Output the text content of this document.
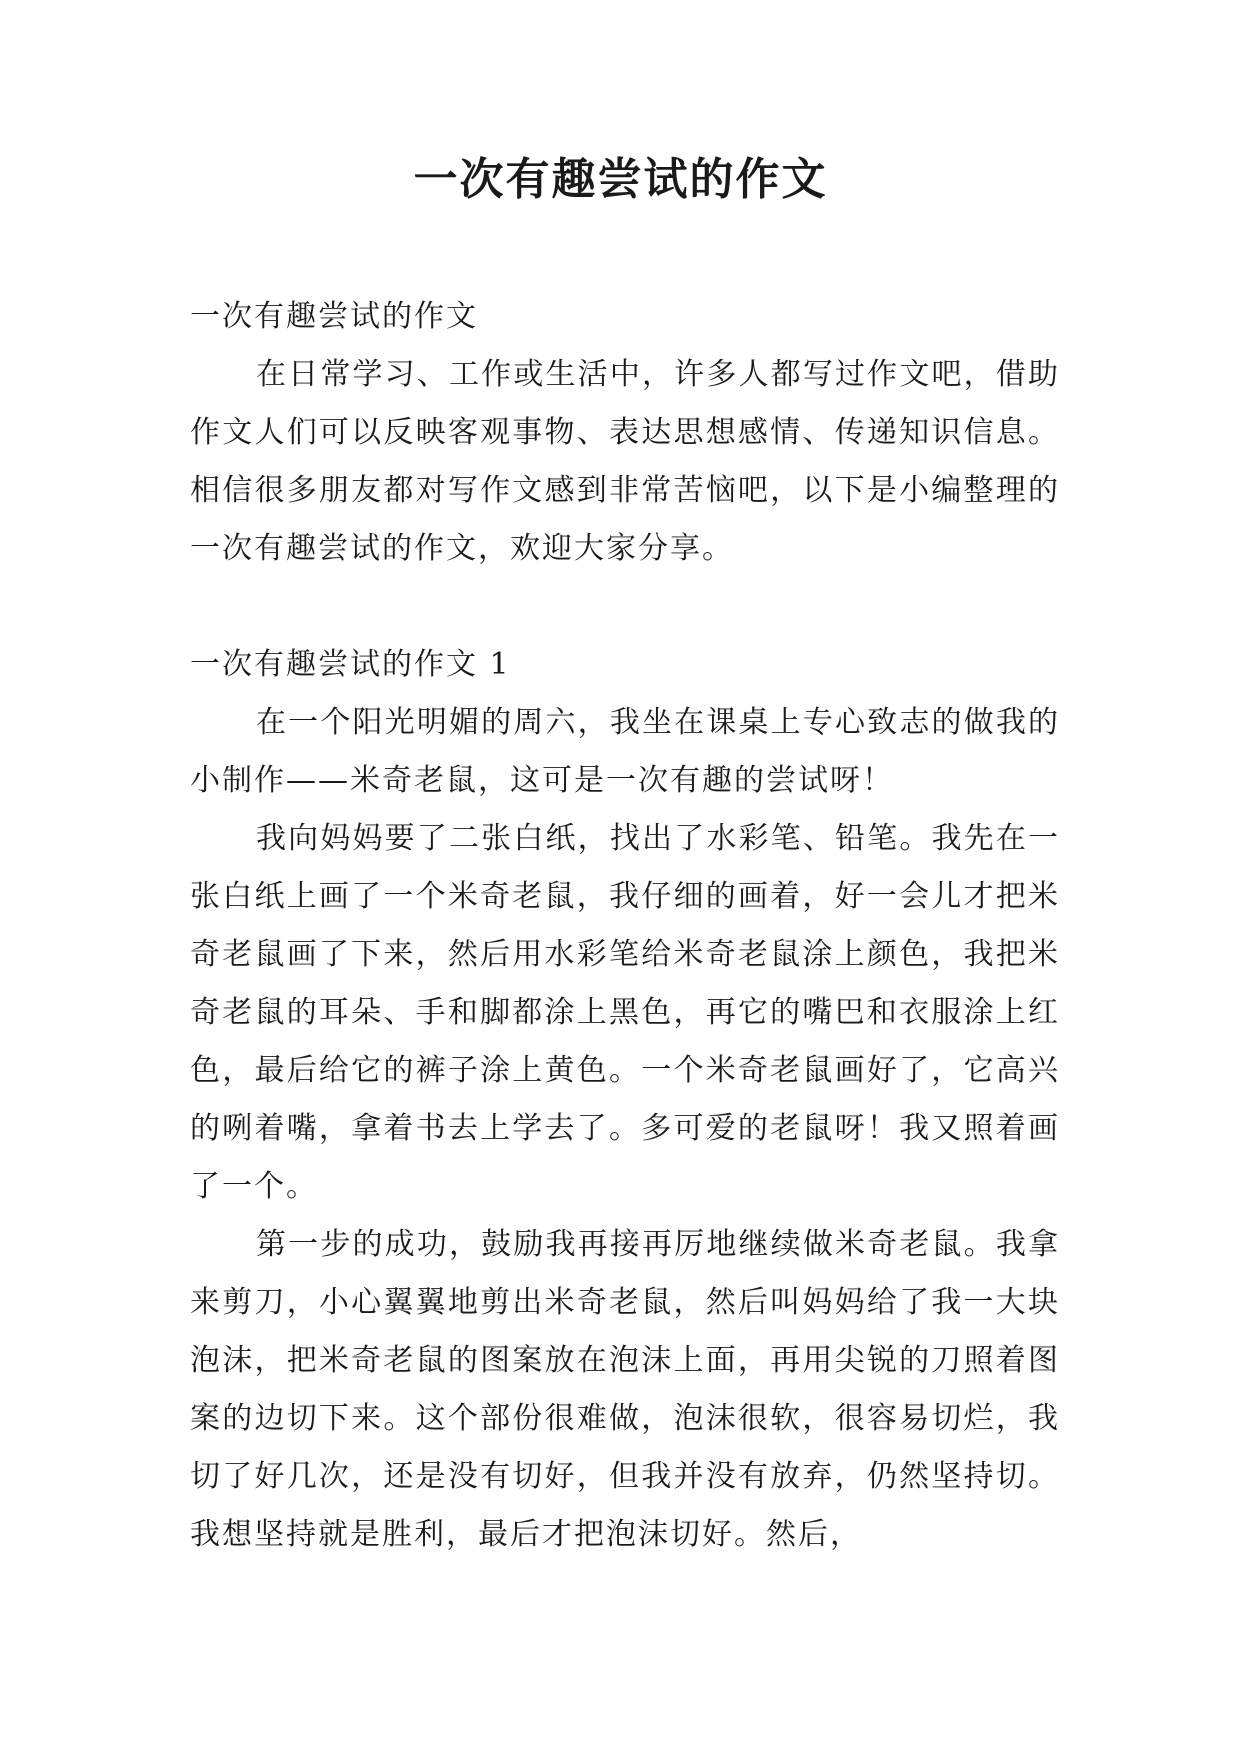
一次有趣尝试的作文

一次有趣尝试的作文

在日常学习、工作或生活中，许多人都写过作文吧，借助作文人们可以反映客观事物、表达思想感情、传递知识信息。相信很多朋友都对写作文感到非常苦恼吧，以下是小编整理的一次有趣尝试的作文，欢迎大家分享。

一次有趣尝试的作文 1

在一个阳光明媚的周六，我坐在课桌上专心致志的做我的小制作——米奇老鼠，这可是一次有趣的尝试呀！

我向妈妈要了二张白纸，找出了水彩笔、铅笔。我先在一张白纸上画了一个米奇老鼠，我仔细的画着，好一会儿才把米奇老鼠画了下来，然后用水彩笔给米奇老鼠涂上颜色，我把米奇老鼠的耳朵、手和脚都涂上黑色，再它的嘴巴和衣服涂上红色，最后给它的裤子涂上黄色。一个米奇老鼠画好了，它高兴的咧着嘴，拿着书去上学去了。多可爱的老鼠呀！我又照着画了一个。

第一步的成功，鼓励我再接再厉地继续做米奇老鼠。我拿来剪刀，小心翼翼地剪出米奇老鼠，然后叫妈妈给了我一大块泡沫，把米奇老鼠的图案放在泡沫上面，再用尖锐的刀照着图案的边切下来。这个部份很难做，泡沫很软，很容易切烂，我切了好几次，还是没有切好，但我并没有放弃，仍然坚持切。我想坚持就是胜利，最后才把泡沫切好。然后，
